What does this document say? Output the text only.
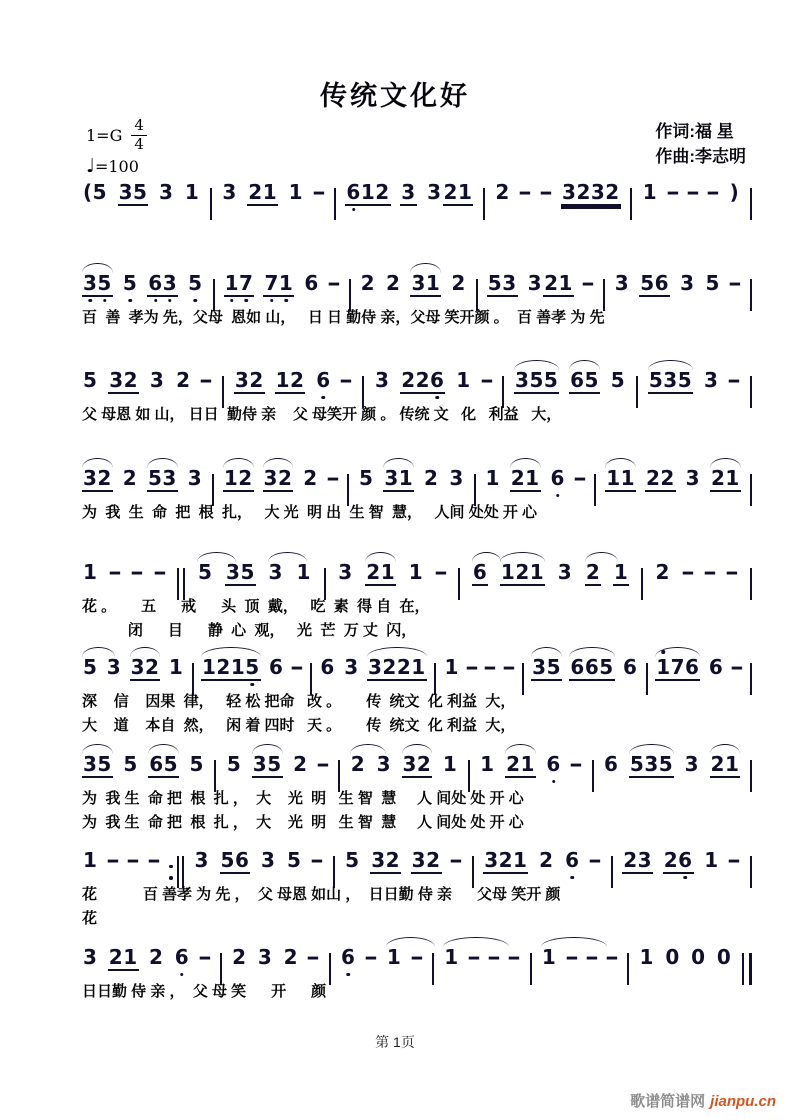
传统文化好
$1=G \frac{4}{4}$
♩=100
作词:福 星
作曲:李志明
(5 35 3 1 3 21 1 - 612 3 3 21 2 - - 3232 1 - - - )
35 5 63 5 17 71 6 - 2 2 31 2 53 3 21 - 3 56 3 5 -
百  善  孝为 先，父母  恩如 山，   日 日 勤侍 亲，父母 笑开颜 。  百 善孝 为 先
5 32 3 2 - 32 12 6 - 3 226 1 - 355 65 5 535 3 -
父 母恩 如 山， 日日  勤侍 亲    父 母笑开 颜 。 传统 文   化   利益   大，
32 2 53 3 12 32 2 - 5 31 2 3 1 21 6 - 11 22 3 21
为  我  生  命  把  根  扎，   大 光  明 出  生 智  慧，   人间 处处 开 心
1 - - - 5 35 3 1 3 21 1 - 6 121 3 2 1 2 - - -
花 。      五      戒      头  顶  戴，   吃  素  得 自  在，
闭      目      静  心  观，   光  芒  万 丈  闪，
5 3 32 1 1215 6 - 6 3 3221 1 - - - 35 665 6 176 6 -
深    信    因果  律，   轻 松 把命   改 。      传  统文  化 利益  大，
大    道    本自  然，   闲 着 四时   天 。      传  统文  化 利益  大，
35 5 65 5 5 35 2 - 2 3 32 1 1 21 6 - 6 535 3 21
为  我 生  命 把  根  扎 ，  大    光  明   生 智  慧     人 间处 处 开 心
为  我 生  命 把  根  扎 ，  大    光  明   生 智  慧     人 间处 处 开 心
1 - - - 3 56 3 5 - 5 32 32 - 321 2 6 - 23 26 1 -
花           百 善孝 为 先 ，  父 母恩 如山 ，  日日勤 侍 亲      父母 笑开 颜
花
3 21 2 6 - 2 3 2 - 6 - 1 - 1 - - - 1 - - - 1 0 0 0
日日勤 侍 亲 ，  父 母 笑      开      颜
第 1页
歌谱简谱网 jianpu.cn
